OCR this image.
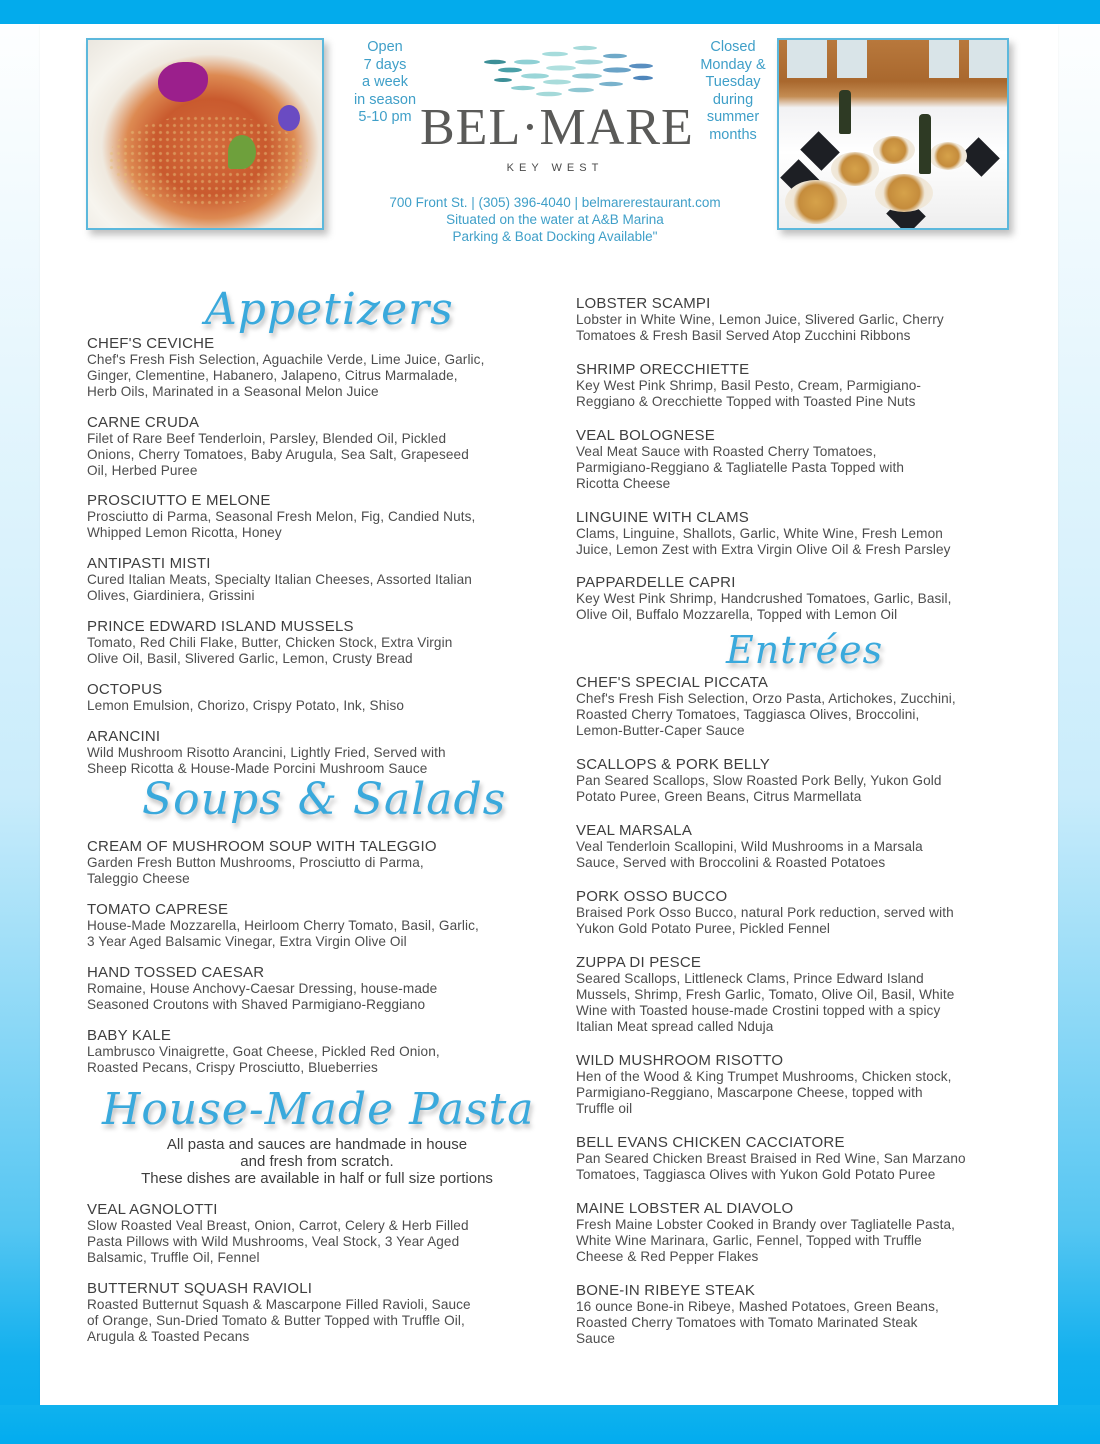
Open
7 days
a week
in season
5-10 pm
Closed
Monday &
Tuesday
during
summer
months
BEL·MARE
KEY WEST
700 Front St. | (305) 396-4040 | belmarerestaurant.com
Situated on the water at A&B Marina
Parking & Boat Docking Available"
Appetizers
Soups & Salads
House-Made Pasta
Entrées
All pasta and sauces are handmade in house
and fresh from scratch.
These dishes are available in half or full size portions
CHEF'S CEVICHE
Chef's Fresh Fish Selection, Aguachile Verde, Lime Juice, Garlic,
Ginger, Clementine, Habanero, Jalapeno, Citrus Marmalade,
Herb Oils, Marinated in a Seasonal Melon Juice
CARNE CRUDA
Filet of Rare Beef Tenderloin, Parsley, Blended Oil, Pickled
Onions, Cherry Tomatoes, Baby Arugula, Sea Salt, Grapeseed
Oil, Herbed Puree
PROSCIUTTO E MELONE
Prosciutto di Parma, Seasonal Fresh Melon, Fig, Candied Nuts,
Whipped Lemon Ricotta, Honey
ANTIPASTI MISTI
Cured Italian Meats, Specialty Italian Cheeses, Assorted Italian
Olives, Giardiniera, Grissini
PRINCE EDWARD ISLAND MUSSELS
Tomato, Red Chili Flake, Butter, Chicken Stock, Extra Virgin
Olive Oil, Basil, Slivered Garlic, Lemon, Crusty Bread
OCTOPUS
Lemon Emulsion, Chorizo, Crispy Potato, Ink, Shiso
ARANCINI
Wild Mushroom Risotto Arancini, Lightly Fried, Served with
Sheep Ricotta & House-Made Porcini Mushroom Sauce
CREAM OF MUSHROOM SOUP WITH TALEGGIO
Garden Fresh Button Mushrooms, Prosciutto di Parma,
Taleggio Cheese
TOMATO CAPRESE
House-Made Mozzarella, Heirloom Cherry Tomato, Basil, Garlic,
3 Year Aged Balsamic Vinegar, Extra Virgin Olive Oil
HAND TOSSED CAESAR
Romaine, House Anchovy-Caesar Dressing, house-made
Seasoned Croutons with Shaved Parmigiano-Reggiano
BABY KALE
Lambrusco Vinaigrette, Goat Cheese, Pickled Red Onion,
Roasted Pecans, Crispy Prosciutto, Blueberries
VEAL AGNOLOTTI
Slow Roasted Veal Breast, Onion, Carrot, Celery & Herb Filled
Pasta Pillows with Wild Mushrooms, Veal Stock, 3 Year Aged
Balsamic, Truffle Oil, Fennel
BUTTERNUT SQUASH RAVIOLI
Roasted Butternut Squash & Mascarpone Filled Ravioli, Sauce
of Orange, Sun-Dried Tomato & Butter Topped with Truffle Oil,
Arugula & Toasted Pecans
LOBSTER SCAMPI
Lobster in White Wine, Lemon Juice, Slivered Garlic, Cherry
Tomatoes & Fresh Basil Served Atop Zucchini Ribbons
SHRIMP ORECCHIETTE
Key West Pink Shrimp, Basil Pesto, Cream, Parmigiano-
Reggiano & Orecchiette Topped with Toasted Pine Nuts
VEAL BOLOGNESE
Veal Meat Sauce with Roasted Cherry Tomatoes,
Parmigiano-Reggiano & Tagliatelle Pasta Topped with
Ricotta Cheese
LINGUINE WITH CLAMS
Clams, Linguine, Shallots, Garlic, White Wine, Fresh Lemon
Juice, Lemon Zest with Extra Virgin Olive Oil & Fresh Parsley
PAPPARDELLE CAPRI
Key West Pink Shrimp, Handcrushed Tomatoes, Garlic, Basil,
Olive Oil, Buffalo Mozzarella, Topped with Lemon Oil
CHEF'S SPECIAL PICCATA
Chef's Fresh Fish Selection, Orzo Pasta, Artichokes, Zucchini,
Roasted Cherry Tomatoes, Taggiasca Olives, Broccolini,
Lemon-Butter-Caper Sauce
SCALLOPS & PORK BELLY
Pan Seared Scallops, Slow Roasted Pork Belly, Yukon Gold
Potato Puree, Green Beans, Citrus Marmellata
VEAL MARSALA
Veal Tenderloin Scallopini, Wild Mushrooms in a Marsala
Sauce, Served with Broccolini & Roasted Potatoes
PORK OSSO BUCCO
Braised Pork Osso Bucco, natural Pork reduction, served with
Yukon Gold Potato Puree, Pickled Fennel
ZUPPA DI PESCE
Seared Scallops, Littleneck Clams, Prince Edward Island
Mussels, Shrimp, Fresh Garlic, Tomato, Olive Oil, Basil, White
Wine with Toasted house-made Crostini topped with a spicy
Italian Meat spread called Nduja
WILD MUSHROOM RISOTTO
Hen of the Wood & King Trumpet Mushrooms, Chicken stock,
Parmigiano-Reggiano, Mascarpone Cheese, topped with
Truffle oil
BELL EVANS CHICKEN CACCIATORE
Pan Seared Chicken Breast Braised in Red Wine, San Marzano
Tomatoes, Taggiasca Olives with Yukon Gold Potato Puree
MAINE LOBSTER AL DIAVOLO
Fresh Maine Lobster Cooked in Brandy over Tagliatelle Pasta,
White Wine Marinara, Garlic, Fennel, Topped with Truffle
Cheese & Red Pepper Flakes
BONE-IN RIBEYE STEAK
16 ounce Bone-in Ribeye, Mashed Potatoes, Green Beans,
Roasted Cherry Tomatoes with Tomato Marinated Steak
Sauce
